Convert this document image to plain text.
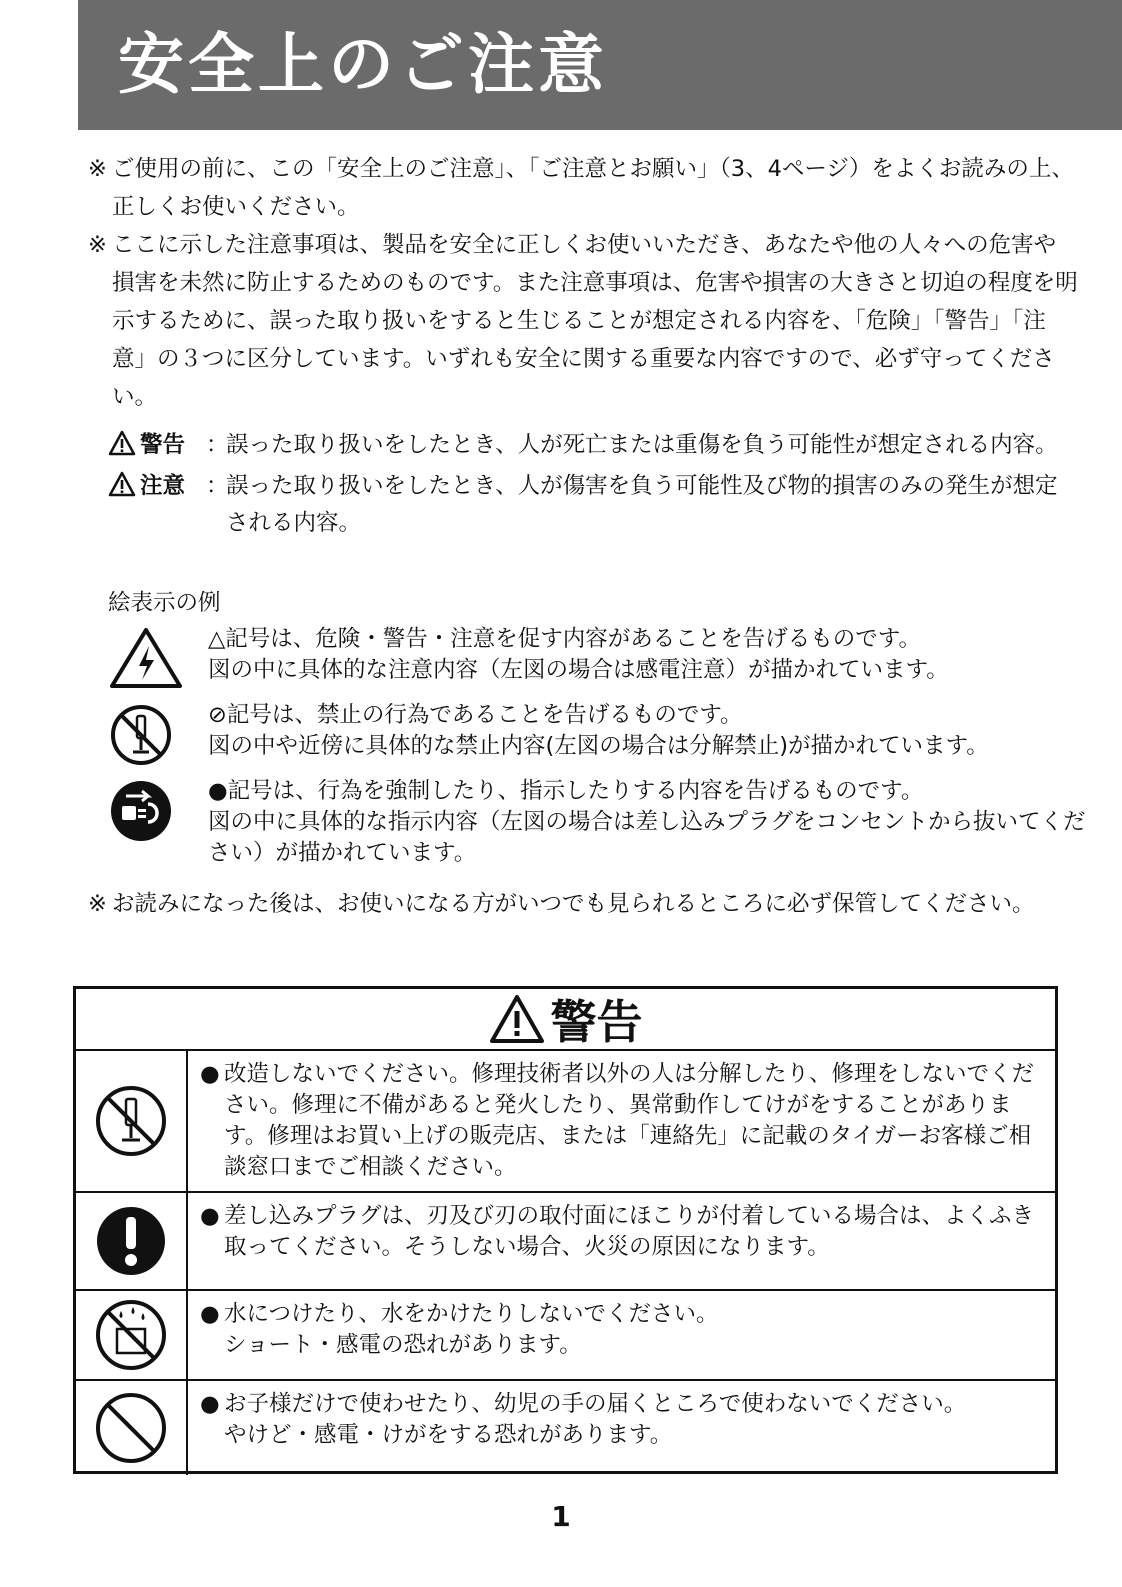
安全上のご注意

※ ご使用の前に、この「安全上のご注意」、「ご注意とお願い」（3、4ページ）をよくお読みの上、正しくお使いください。

※ ここに示した注意事項は、製品を安全に正しくお使いいただき、あなたや他の人々への危害や損害を未然に防止するためのものです。また注意事項は、危害や損害の大きさと切迫の程度を明示するために、誤った取り扱いをすると生じることが想定される内容を、「危険」「警告」「注意」の３つに区分しています。いずれも安全に関する重要な内容ですので、必ず守ってください。

警告 ：
誤った取り扱いをしたとき、人が死亡または重傷を負う可能性が想定される内容。
注意 ：
誤った取り扱いをしたとき、人が傷害を負う可能性及び物的損害のみの発生が想定される内容。
絵表示の例
△記号は、危険・警告・注意を促す内容があることを告げるものです。
図の中に具体的な注意内容（左図の場合は感電注意）が描かれています。
⊘記号は、禁止の行為であることを告げるものです。
図の中や近傍に具体的な禁止内容(左図の場合は分解禁止)が描かれています。
●記号は、行為を強制したり、指示したりする内容を告げるものです。
図の中に具体的な指示内容（左図の場合は差し込みプラグをコンセントから抜いてください）が描かれています。

※ お読みになった後は、お使いになる方がいつでも見られるところに必ず保管してください。

警告
● 改造しないでください。修理技術者以外の人は分解したり、修理をしないでください。修理に不備があると発火したり、異常動作してけがをすることがあります。修理はお買い上げの販売店、または「連絡先」に記載のタイガーお客様ご相談窓口までご相談ください。
● 差し込みプラグは、刃及び刃の取付面にほこりが付着している場合は、よくふき取ってください。そうしない場合、火災の原因になります。
● 水につけたり、水をかけたりしないでください。
ショート・感電の恐れがあります。
● お子様だけで使わせたり、幼児の手の届くところで使わないでください。
やけど・感電・けがをする恐れがあります。
1
